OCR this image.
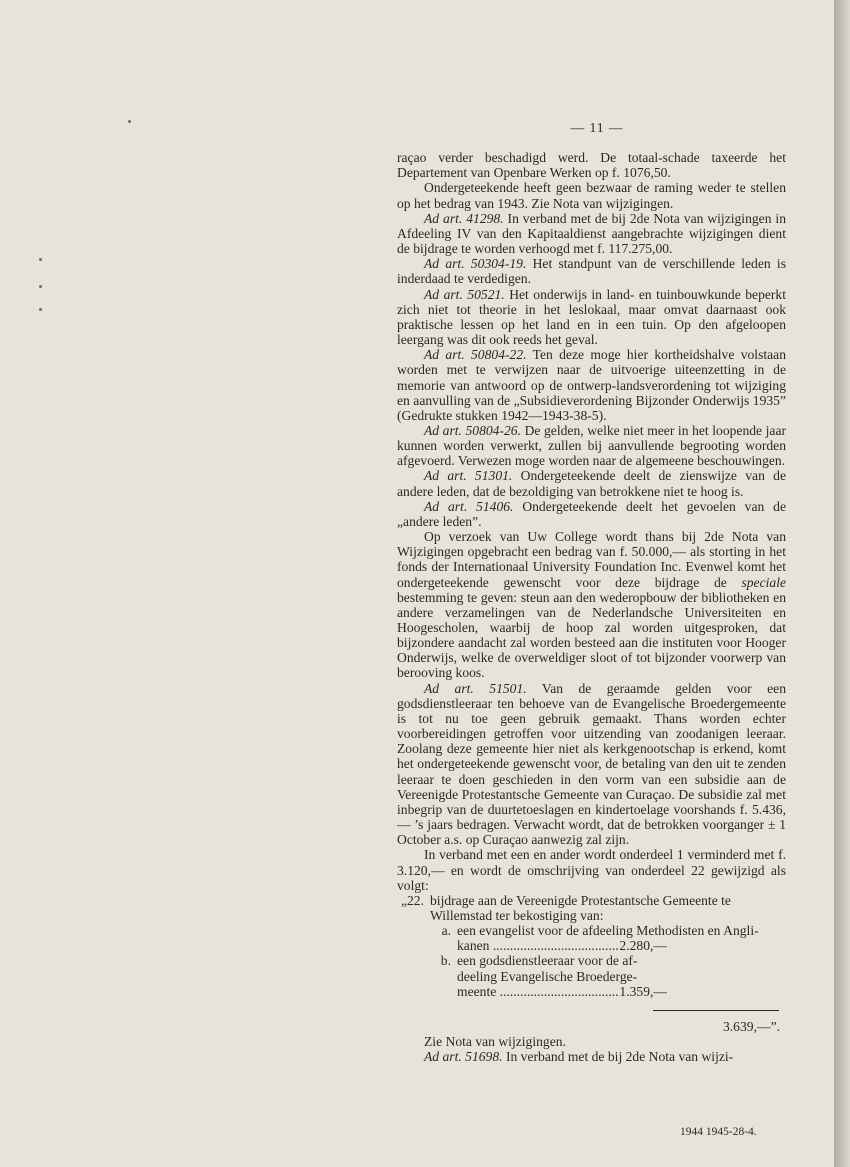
— 11 —

raçao verder beschadigd werd. De totaal-schade taxeerde het Departement van Openbare Werken op f. 1076,50.

Ondergeteekende heeft geen bezwaar de raming weder te stellen op het bedrag van 1943. Zie Nota van wijzigingen.

Ad art. 41298. In verband met de bij 2de Nota van wijzigingen in Afdeeling IV van den Kapitaaldienst aangebrachte wijzigingen dient de bijdrage te worden verhoogd met f. 117.275,00.

Ad art. 50304-19. Het standpunt van de verschillende leden is inderdaad te verdedigen.

Ad art. 50521. Het onderwijs in land- en tuinbouwkunde beperkt zich niet tot theorie in het leslokaal, maar omvat daarnaast ook praktische lessen op het land en in een tuin. Op den afgeloopen leergang was dit ook reeds het geval.

Ad art. 50804-22. Ten deze moge hier kortheidshalve volstaan worden met te verwijzen naar de uitvoerige uiteenzetting in de memorie van antwoord op de ontwerp-landsverordening tot wijziging en aanvulling van de „Subsidieverordening Bijzonder Onderwijs 1935” (Gedrukte stukken 1942—1943-38-5).

Ad art. 50804-26. De gelden, welke niet meer in het loopende jaar kunnen worden verwerkt, zullen bij aanvullende begrooting worden afgevoerd. Verwezen moge worden naar de algemeene beschouwingen.

Ad art. 51301. Ondergeteekende deelt de zienswijze van de andere leden, dat de bezoldiging van betrokkene niet te hoog is.

Ad art. 51406. Ondergeteekende deelt het gevoelen van de „andere leden”.

Op verzoek van Uw College wordt thans bij 2de Nota van Wijzigingen opgebracht een bedrag van f. 50.000,— als storting in het fonds der Internationaal University Foundation Inc. Evenwel komt het ondergeteekende gewenscht voor deze bijdrage de speciale bestemming te geven: steun aan den wederopbouw der bibliotheken en andere verzamelingen van de Nederlandsche Universiteiten en Hoogescholen, waarbij de hoop zal worden uitgesproken, dat bijzondere aandacht zal worden besteed aan die instituten voor Hooger Onderwijs, welke de overweldiger sloot of tot bijzonder voorwerp van berooving koos.

Ad art. 51501. Van de geraamde gelden voor een godsdienstleeraar ten behoeve van de Evangelische Broedergemeente is tot nu toe geen gebruik gemaakt. Thans worden echter voorbereidingen getroffen voor uitzending van zoodanigen leeraar. Zoolang deze gemeente hier niet als kerkgenootschap is erkend, komt het ondergeteekende gewenscht voor, de betaling van den uit te zenden leeraar te doen geschieden in den vorm van een subsidie aan de Vereenigde Protestantsche Gemeente van Curaçao. De subsidie zal met inbegrip van de duurtetoeslagen en kindertoelage voorshands f. 5.436,— ’s jaars bedragen. Verwacht wordt, dat de betrokken voorganger ± 1 October a.s. op Curaçao aanwezig zal zijn.

In verband met een en ander wordt onderdeel 1 verminderd met f. 3.120,— en wordt de omschrijving van onderdeel 22 gewijzigd als volgt:

„22. bijdrage aan de Vereenigde Protestantsche Gemeente te Willemstad ter bekostiging van:
a. een evangelist voor de afdeeling Methodisten en Angli-
kanen .....	2.280,—
b. een godsdienstleeraar voor de af-
deeling Evangelische Broederge-
meente .....	1.359,—
3.639,—”.

Zie Nota van wijzigingen.

Ad art. 51698. In verband met de bij 2de Nota van wijzi-

1944 1945-28-4.
